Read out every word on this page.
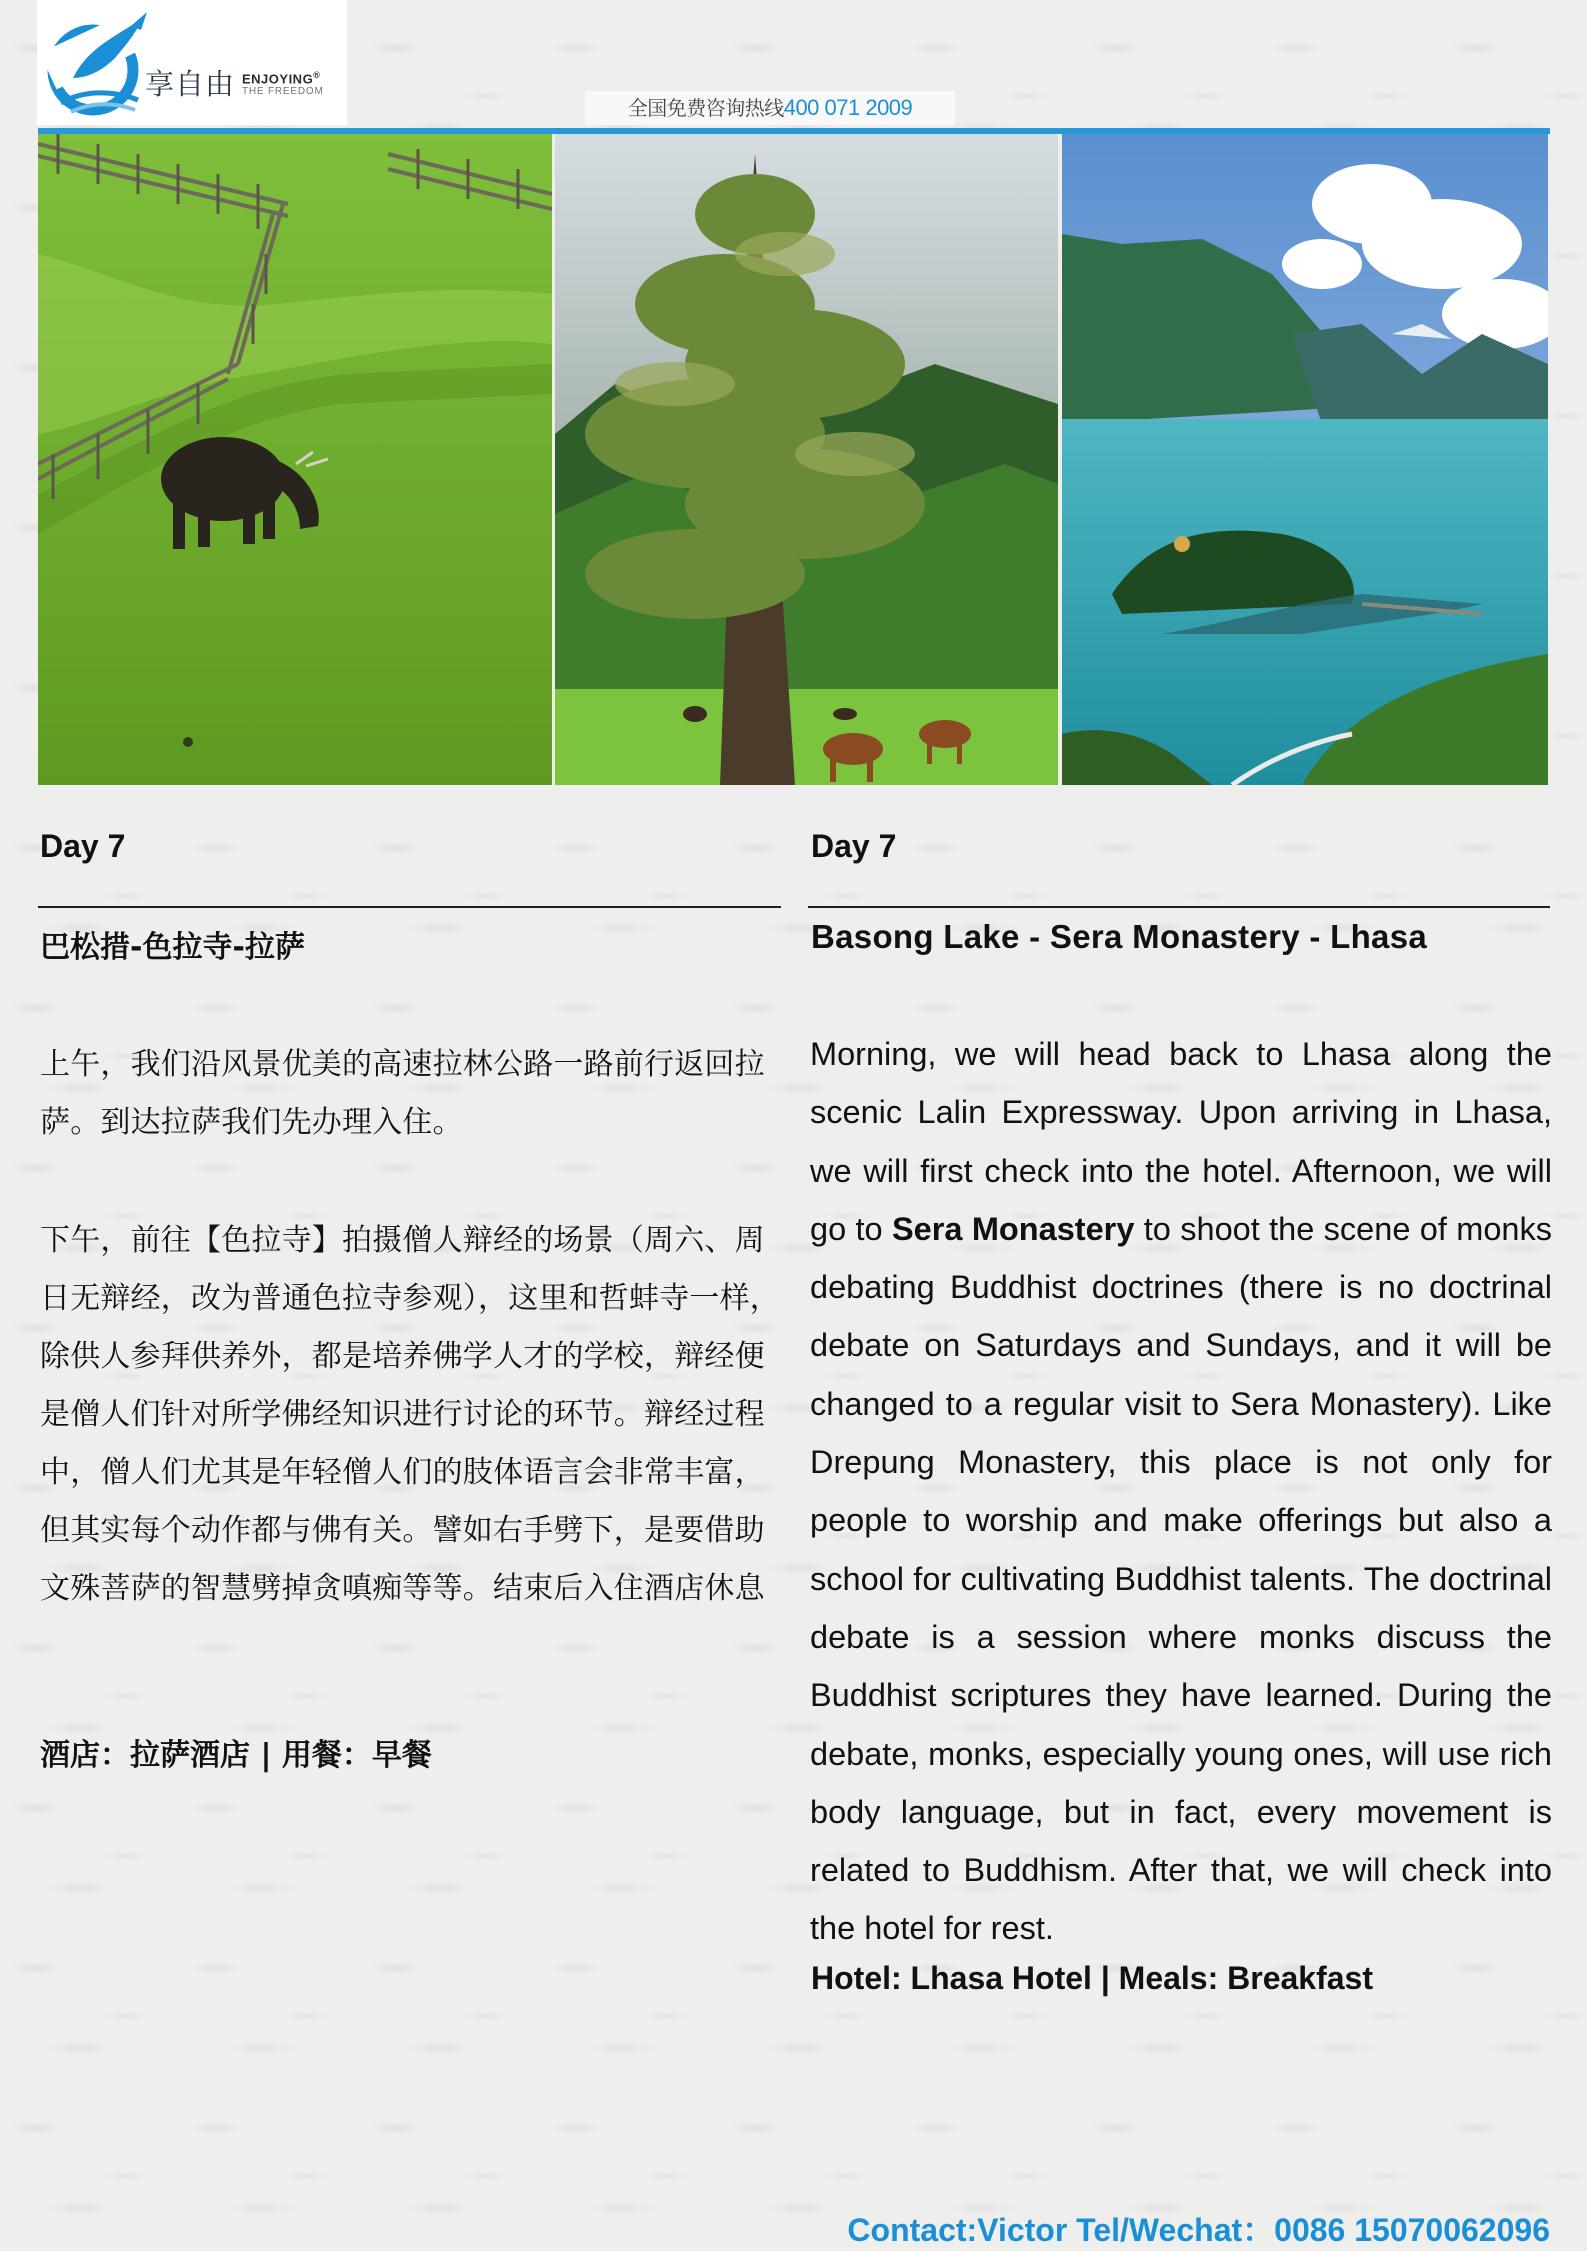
享自由 ENJOYING®
THE FREEDOM
全国免费咨询热线400 071 2009
Day 7
巴松措-色拉寺-拉萨
上午，我们沿风景优美的高速拉林公路一路前行返回拉萨。到达拉萨我们先办理入住。
下午，前往【色拉寺】拍摄僧人辩经的场景（周六、周日无辩经，改为普通色拉寺参观），这里和哲蚌寺一样，除供人参拜供养外，都是培养佛学人才的学校，辩经便是僧人们针对所学佛经知识进行讨论的环节。辩经过程中，僧人们尤其是年轻僧人们的肢体语言会非常丰富，但其实每个动作都与佛有关。譬如右手劈下，是要借助文殊菩萨的智慧劈掉贪嗔痴等等。结束后入住酒店休息
酒店：拉萨酒店 | 用餐：早餐
Day 7
Basong Lake - Sera Monastery - Lhasa
Morning, we will head back to Lhasa along the scenic Lalin Expressway. Upon arriving in Lhasa, we will first check into the hotel. Afternoon, we will go to Sera Monastery to shoot the scene of monks debating Buddhist doctrines (there is no doctrinal debate on Saturdays and Sundays, and it will be changed to a regular visit to Sera Monastery). Like Drepung Monastery, this place is not only for people to worship and make offerings but also a school for cultivating Buddhist talents. The doctrinal debate is a session where monks discuss the Buddhist scriptures they have learned. During the debate, monks, especially young ones, will use rich body language, but in fact, every movement is related to Buddhism. After that, we will check into the hotel for rest.
Hotel: Lhasa Hotel | Meals: Breakfast
Contact:Victor Tel/Wechat：0086 15070062096
